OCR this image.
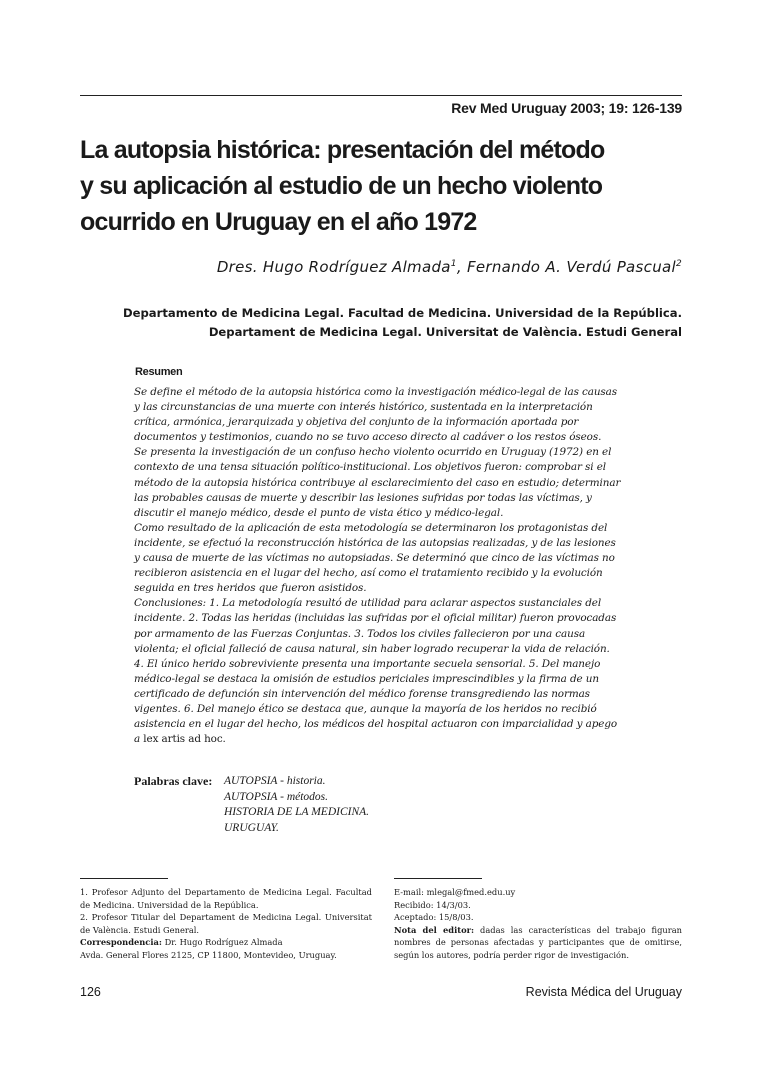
Rev Med Uruguay 2003; 19: 126-139
La autopsia histórica: presentación del método
y su aplicación al estudio de un hecho violento
ocurrido en Uruguay en el año 1972
Dres. Hugo Rodríguez Almada$^1$, Fernando A. Verdú Pascual$^2$
Departamento de Medicina Legal. Facultad de Medicina. Universidad de la República.
Departament de Medicina Legal. Universitat de València. Estudi General
Resumen

Se define el método de la autopsia histórica como la investigación médico-legal de las causas

y las circunstancias de una muerte con interés histórico, sustentada en la interpretación

crítica, armónica, jerarquizada y objetiva del conjunto de la información aportada por

documentos y testimonios, cuando no se tuvo acceso directo al cadáver o los restos óseos.

Se presenta la investigación de un confuso hecho violento ocurrido en Uruguay (1972) en el

contexto de una tensa situación político-institucional. Los objetivos fueron: comprobar si el

método de la autopsia histórica contribuye al esclarecimiento del caso en estudio; determinar

las probables causas de muerte y describir las lesiones sufridas por todas las víctimas, y

discutir el manejo médico, desde el punto de vista ético y médico-legal.

Como resultado de la aplicación de esta metodología se determinaron los protagonistas del

incidente, se efectuó la reconstrucción histórica de las autopsias realizadas, y de las lesiones

y causa de muerte de las víctimas no autopsiadas. Se determinó que cinco de las víctimas no

recibieron asistencia en el lugar del hecho, así como el tratamiento recibido y la evolución

seguida en tres heridos que fueron asistidos.

Conclusiones: 1. La metodología resultó de utilidad para aclarar aspectos sustanciales del

incidente. 2. Todas las heridas (incluidas las sufridas por el oficial militar) fueron provocadas

por armamento de las Fuerzas Conjuntas. 3. Todos los civiles fallecieron por una causa

violenta; el oficial falleció de causa natural, sin haber logrado recuperar la vida de relación.

4. El único herido sobreviviente presenta una importante secuela sensorial. 5. Del manejo

médico-legal se destaca la omisión de estudios periciales imprescindibles y la firma de un

certificado de defunción sin intervención del médico forense transgrediendo las normas

vigentes. 6. Del manejo ético se destaca que, aunque la mayoría de los heridos no recibió

asistencia en el lugar del hecho, los médicos del hospital actuaron con imparcialidad y apego

a lex artis ad hoc.

Palabras clave: AUTOPSIA - historia.
AUTOPSIA - métodos.
HISTORIA DE LA MEDICINA.
URUGUAY.

1. Profesor Adjunto del Departamento de Medicina Legal. Facultad de Medicina. Universidad de la República.

2. Profesor Titular del Departament de Medicina Legal. Universitat de València. Estudi General.

Correspondencia: Dr. Hugo Rodríguez Almada

Avda. General Flores 2125, CP 11800, Montevideo, Uruguay.

E-mail: mlegal@fmed.edu.uy

Recibido: 14/3/03.

Aceptado: 15/8/03.

Nota del editor: dadas las características del trabajo figuran nombres de personas afectadas y participantes que de omitirse, según los autores, podría perder rigor de investigación.

126	Revista Médica del Uruguay
